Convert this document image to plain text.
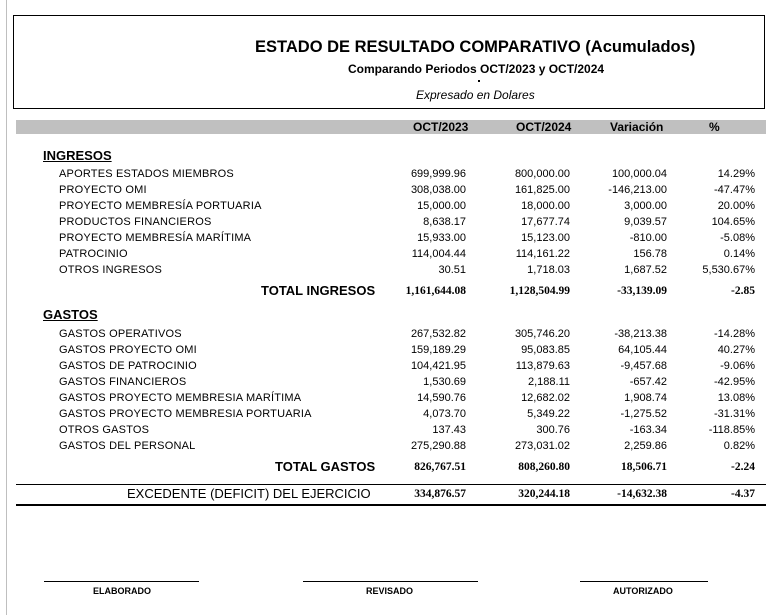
ESTADO DE RESULTADO COMPARATIVO (Acumulados)
Comparando Periodos OCT/2023 y OCT/2024
Expresado en Dolares
OCT/2023	OCT/2024	Variación	%
INGRESOS
APORTES ESTADOS MIEMBROS	699,999.96	800,000.00	100,000.04	14.29%
PROYECTO OMI	308,038.00	161,825.00	-146,213.00	-47.47%
PROYECTO MEMBRESÍA PORTUARIA	15,000.00	18,000.00	3,000.00	20.00%
PRODUCTOS FINANCIEROS	8,638.17	17,677.74	9,039.57	104.65%
PROYECTO MEMBRESÍA MARÍTIMA	15,933.00	15,123.00	-810.00	-5.08%
PATROCINIO	114,004.44	114,161.22	156.78	0.14%
OTROS INGRESOS	30.51	1,718.03	1,687.52	5,530.67%
TOTAL INGRESOS	1,161,644.08	1,128,504.99	-33,139.09	-2.85
GASTOS
GASTOS OPERATIVOS	267,532.82	305,746.20	-38,213.38	-14.28%
GASTOS PROYECTO OMI	159,189.29	95,083.85	64,105.44	40.27%
GASTOS DE PATROCINIO	104,421.95	113,879.63	-9,457.68	-9.06%
GASTOS FINANCIEROS	1,530.69	2,188.11	-657.42	-42.95%
GASTOS PROYECTO MEMBRESIA MARÍTIMA	14,590.76	12,682.02	1,908.74	13.08%
GASTOS PROYECTO MEMBRESIA PORTUARIA	4,073.70	5,349.22	-1,275.52	-31.31%
OTROS GASTOS	137.43	300.76	-163.34	-118.85%
GASTOS DEL PERSONAL	275,290.88	273,031.02	2,259.86	0.82%
TOTAL GASTOS	826,767.51	808,260.80	18,506.71	-2.24
EXCEDENTE (DEFICIT) DEL EJERCICIO	334,876.57	320,244.18	-14,632.38	-4.37
ELABORADO	REVISADO	AUTORIZADO
